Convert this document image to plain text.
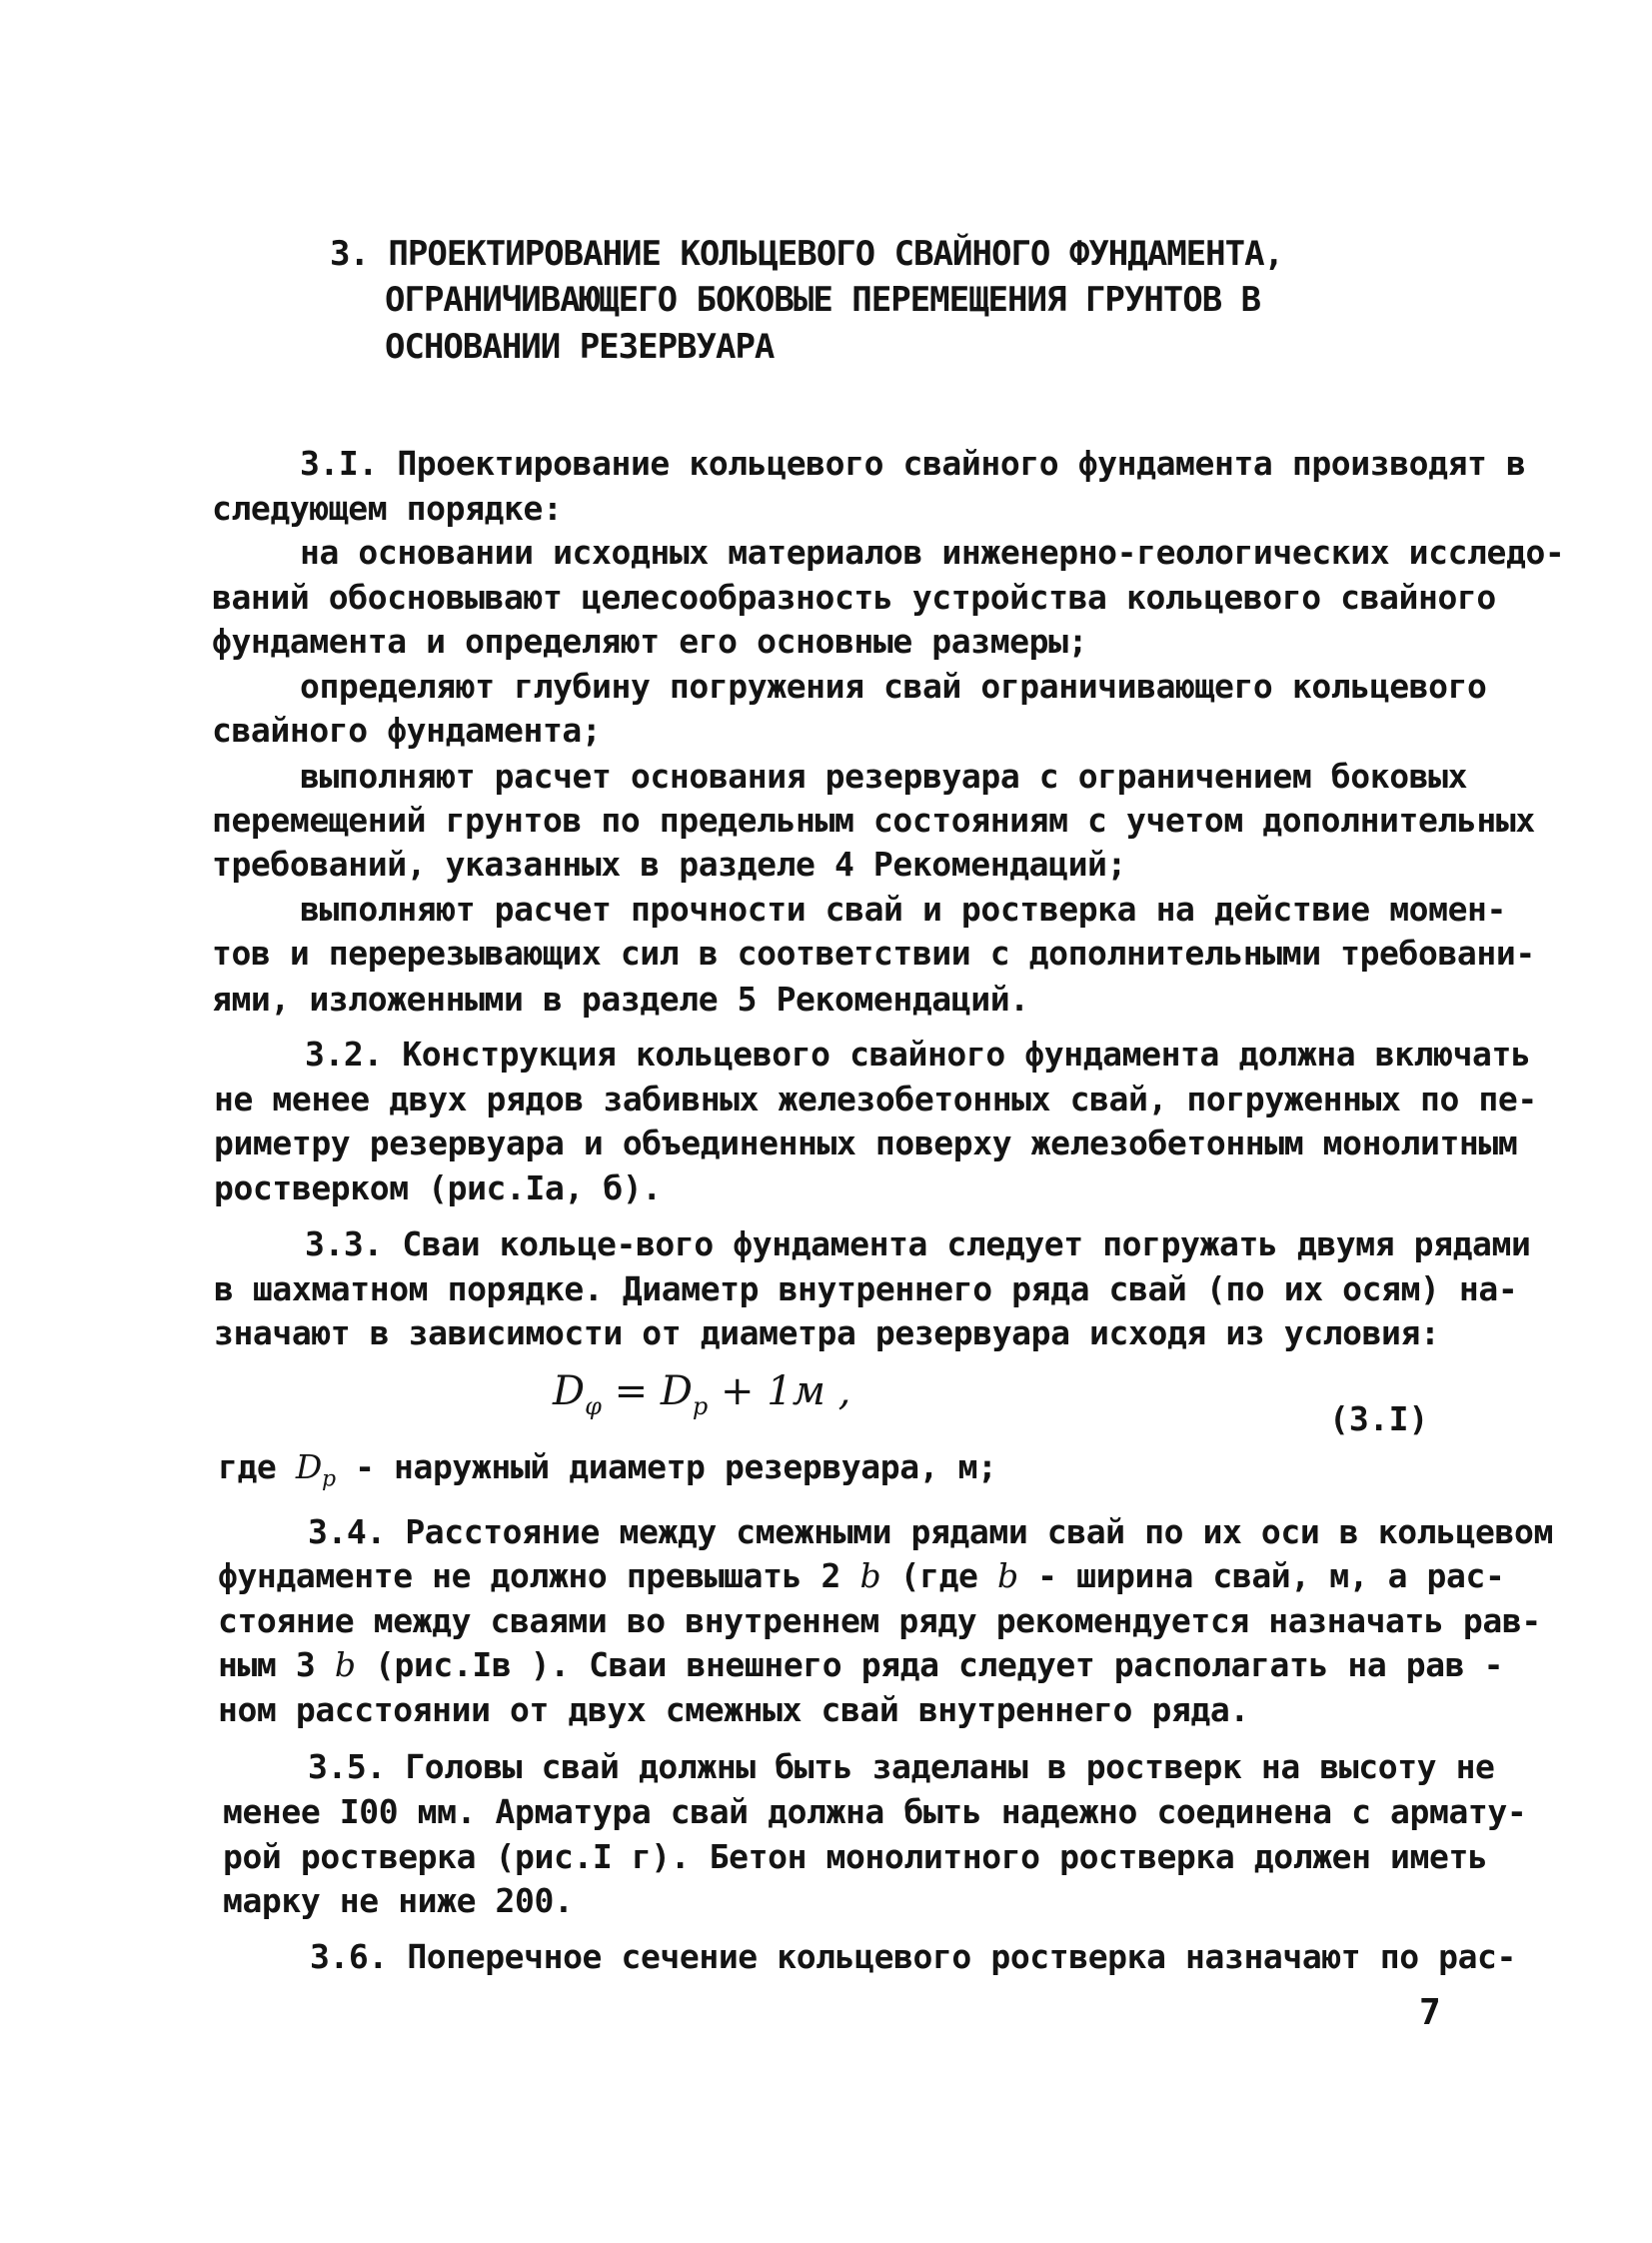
3. ПРОЕКТИРОВАНИЕ КОЛЬЦЕВОГО СВАЙНОГО ФУНДАМЕНТА,
ОГРАНИЧИВАЮЩЕГО БОКОВЫЕ ПЕРЕМЕЩЕНИЯ ГРУНТОВ В
ОСНОВАНИИ РЕЗЕРВУАРА
3.I. Проектирование кольцевого свайного фундамента производят в
следующем порядке:
на основании исходных материалов инженерно-геологических исследо-
ваний обосновывают целесообразность устройства кольцевого свайного
фундамента и определяют его основные размеры;
определяют глубину погружения свай ограничивающего кольцевого
свайного фундамента;
выполняют расчет основания резервуара с ограничением боковых
перемещений грунтов по предельным состояниям с учетом дополнительных
требований, указанных в разделе 4 Рекомендаций;
выполняют расчет прочности свай и ростверка на действие момен-
тов и перерезывающих сил в соответствии с дополнительными требовани-
ями, изложенными в разделе 5 Рекомендаций.
3.2. Конструкция кольцевого свайного фундамента должна включать
не менее двух рядов забивных железобетонных свай, погруженных по пе-
риметру резервуара и объединенных поверху железобетонным монолитным
ростверком (рис.Iа, б).
3.3. Сваи кольце-вого фундамента следует погружать двумя рядами
в шахматном порядке. Диаметр внутреннего ряда свай (по их осям) на-
значают в зависимости от диаметра резервуара исходя из условия:
$D_\varphi = D_p + 1м$ ,
(3.I)
где $D_р$ - наружный диаметр резервуара, м;
3.4. Расстояние между смежными рядами свай по их оси в кольцевом
фундаменте не должно превышать 2 b (где b - ширина свай, м, а рас-
стояние между сваями во внутреннем ряду рекомендуется назначать рав-
ным 3 b (рис.Iв ). Сваи внешнего ряда следует располагать на рав -
ном расстоянии от двух смежных свай внутреннего ряда.
3.5. Головы свай должны быть заделаны в ростверк на высоту не
менее I00 мм. Арматура свай должна быть надежно соединена с армату-
рой ростверка (рис.I г). Бетон монолитного ростверка должен иметь
марку не ниже 200.
3.6. Поперечное сечение кольцевого ростверка назначают по рас-
7
